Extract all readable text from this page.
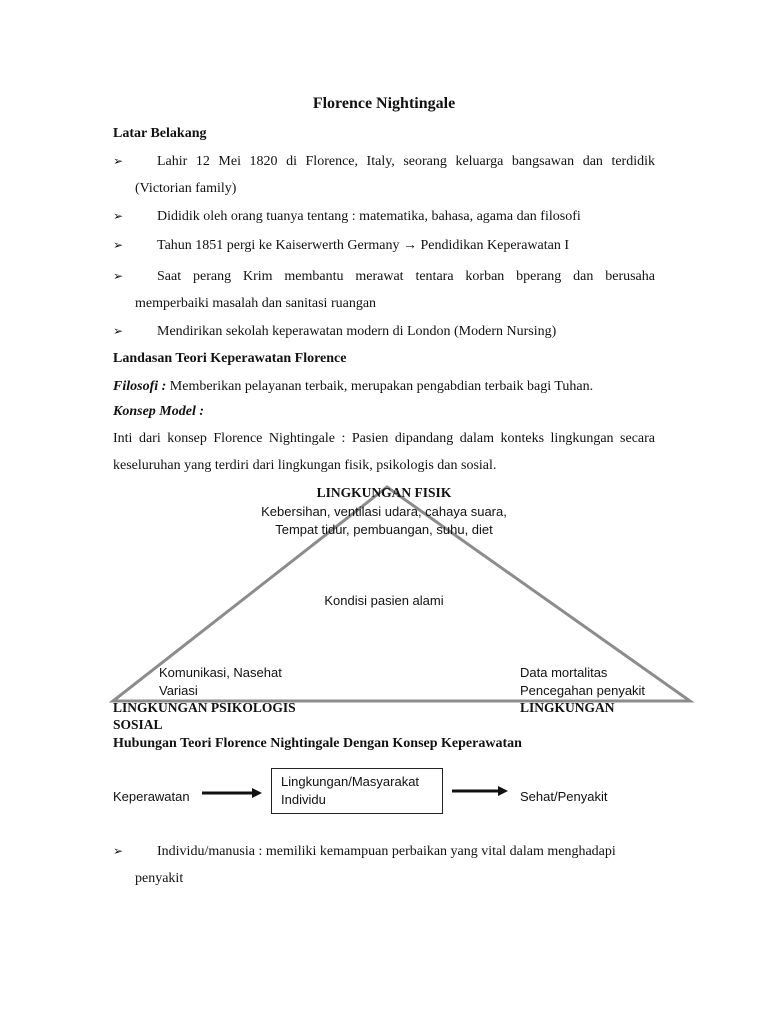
Florence Nightingale
Latar Belakang
➢	Lahir 12 Mei 1820 di Florence, Italy, seorang keluarga bangsawan dan terdidik (Victorian family)
➢	Dididik oleh orang tuanya tentang : matematika, bahasa, agama dan filosofi
➢	Tahun 1851 pergi ke Kaiserwerth Germany → Pendidikan Keperawatan I
➢	Saat perang Krim membantu merawat tentara korban bperang dan berusaha memperbaiki masalah dan sanitasi ruangan
➢	Mendirikan sekolah keperawatan modern di London (Modern Nursing)
Landasan Teori Keperawatan Florence
Filosofi : Memberikan pelayanan terbaik, merupakan pengabdian terbaik bagi Tuhan.
Konsep Model :
Inti dari konsep Florence Nightingale : Pasien dipandang dalam konteks lingkungan secara keseluruhan yang terdiri dari lingkungan fisik, psikologis dan sosial.
LINGKUNGAN FISIK
Kebersihan, ventilasi udara, cahaya suara,
Tempat tidur, pembuangan, suhu, diet
Kondisi pasien alami
Komunikasi, Nasehat
Variasi
LINGKUNGAN PSIKOLOGIS
SOSIAL
Data mortalitas
Pencegahan penyakit
LINGKUNGAN
Hubungan Teori Florence Nightingale Dengan Konsep Keperawatan
Keperawatan
Lingkungan/Masyarakat
Individu	Sehat/Penyakit
➢	Individu/manusia : memiliki kemampuan perbaikan yang vital dalam menghadapi penyakit
